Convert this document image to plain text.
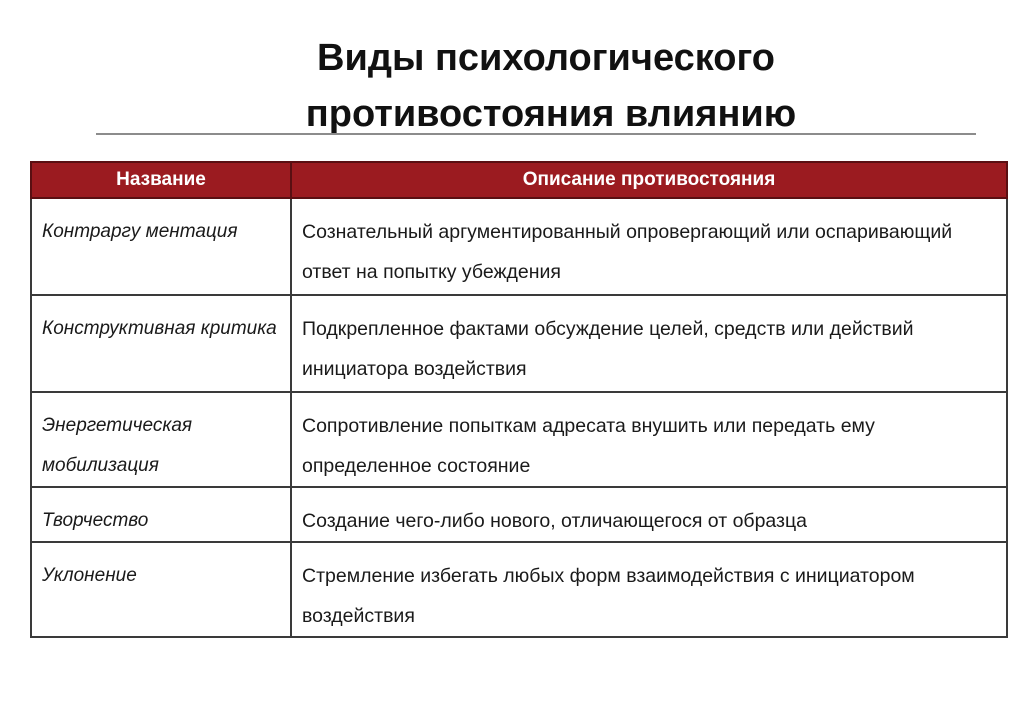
Виды психологического
противостояния влиянию
Название	Описание противостояния
Контраргу ментация	Сознательный аргументированный опровергающий или оспаривающий ответ на попытку убеждения
Конструктивная критика	Подкрепленное фактами обсуждение целей, средств или действий инициатора воздействия
Энергетическая мобилизация	Сопротивление попыткам адресата внушить или передать ему определенное состояние
Творчество	Создание чего-либо нового, отличающегося от образца
Уклонение	Стремление избегать любых форм взаимодействия с инициатором воздействия
